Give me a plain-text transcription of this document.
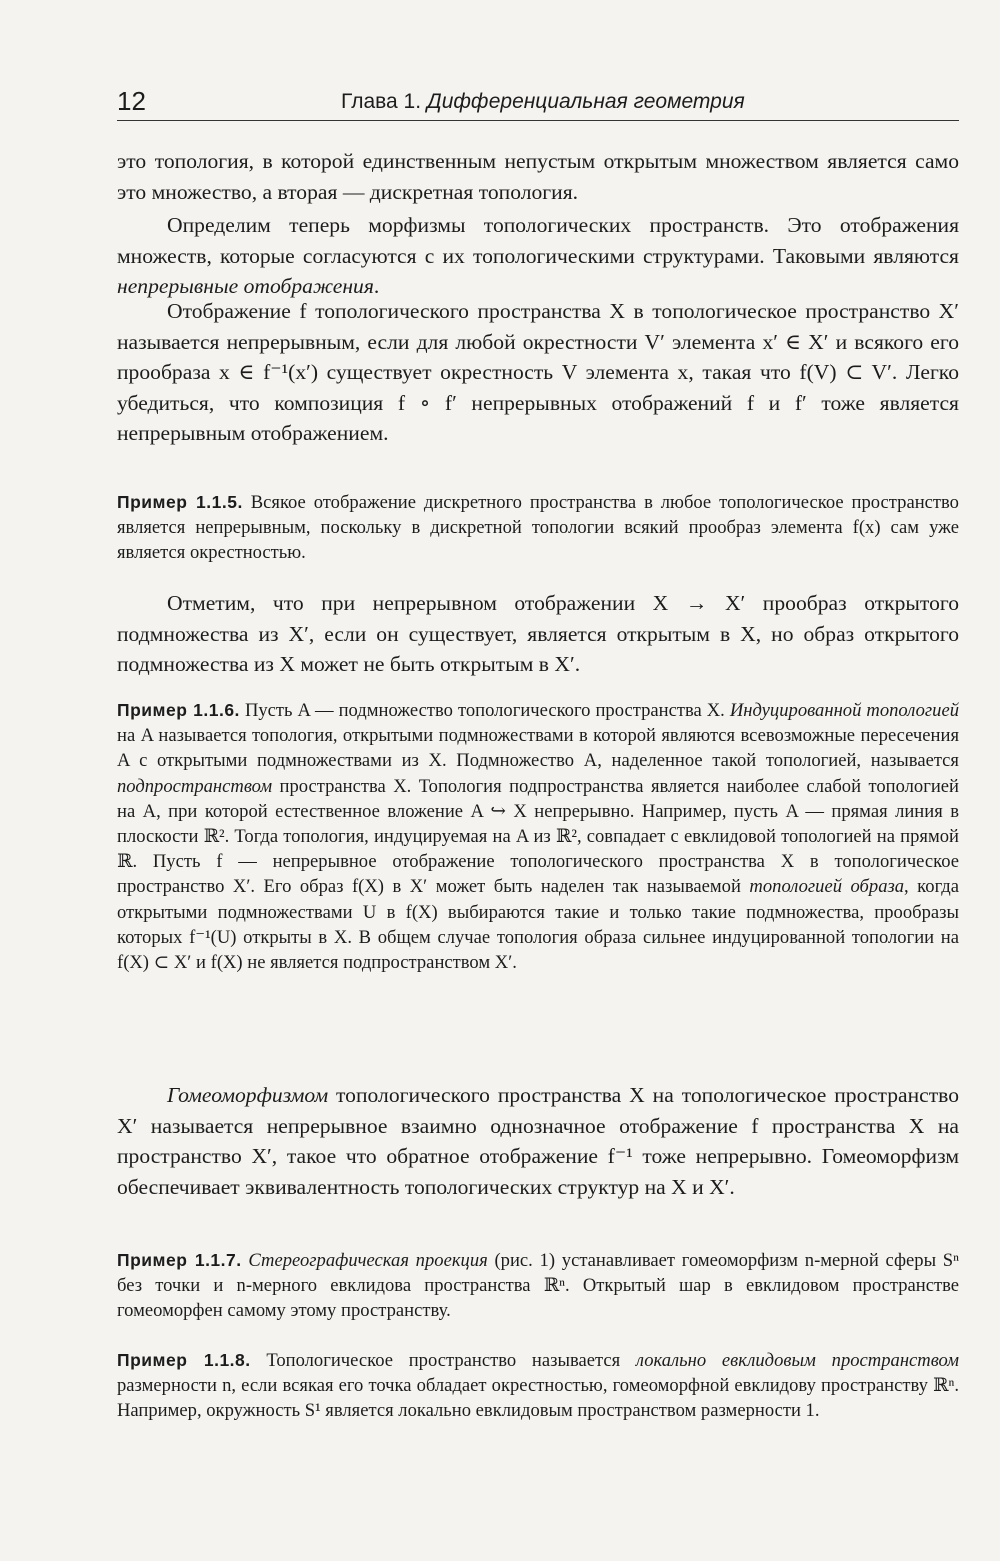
12	Глава 1. Дифференциальная геометрия

это топология, в которой единственным непустым открытым множеством является само это множество, а вторая — дискретная топология.

Определим теперь морфизмы топологических пространств. Это отображения множеств, которые согласуются с их топологическими структурами. Таковыми являются непрерывные отображения.

Отображение f топологического пространства X в топологическое пространство X′ называется непрерывным, если для любой окрестности V′ элемента x′ ∈ X′ и всякого его прообраза x ∈ f⁻¹(x′) существует окрестность V элемента x, такая что f(V) ⊂ V′. Легко убедиться, что композиция f ∘ f′ непрерывных отображений f и f′ тоже является непрерывным отображением.

Пример 1.1.5. Всякое отображение дискретного пространства в любое топологическое пространство является непрерывным, поскольку в дискретной топологии всякий прообраз элемента f(x) сам уже является окрестностью.

Отметим, что при непрерывном отображении X → X′ прообраз открытого подмножества из X′, если он существует, является открытым в X, но образ открытого подмножества из X может не быть открытым в X′.

Пример 1.1.6. Пусть A — подмножество топологического пространства X. Индуцированной топологией на A называется топология, открытыми подмножествами в которой являются всевозможные пересечения A с открытыми подмножествами из X. Подмножество A, наделенное такой топологией, называется подпространством пространства X. Топология подпространства является наиболее слабой топологией на A, при которой естественное вложение A ↪ X непрерывно. Например, пусть A — прямая линия в плоскости ℝ². Тогда топология, индуцируемая на A из ℝ², совпадает с евклидовой топологией на прямой ℝ. Пусть f — непрерывное отображение топологического пространства X в топологическое пространство X′. Его образ f(X) в X′ может быть наделен так называемой топологией образа, когда открытыми подмножествами U в f(X) выбираются такие и только такие подмножества, прообразы которых f⁻¹(U) открыты в X. В общем случае топология образа сильнее индуцированной топологии на f(X) ⊂ X′ и f(X) не является подпространством X′.

Гомеоморфизмом топологического пространства X на топологическое пространство X′ называется непрерывное взаимно однозначное отображение f пространства X на пространство X′, такое что обратное отображение f⁻¹ тоже непрерывно. Гомеоморфизм обеспечивает эквивалентность топологических структур на X и X′.

Пример 1.1.7. Стереографическая проекция (рис. 1) устанавливает гомеоморфизм n-мерной сферы Sⁿ без точки и n-мерного евклидова пространства ℝⁿ. Открытый шар в евклидовом пространстве гомеоморфен самому этому пространству.

Пример 1.1.8. Топологическое пространство называется локально евклидовым пространством размерности n, если всякая его точка обладает окрестностью, гомеоморфной евклидову пространству ℝⁿ. Например, окружность S¹ является локально евклидовым пространством размерности 1.
